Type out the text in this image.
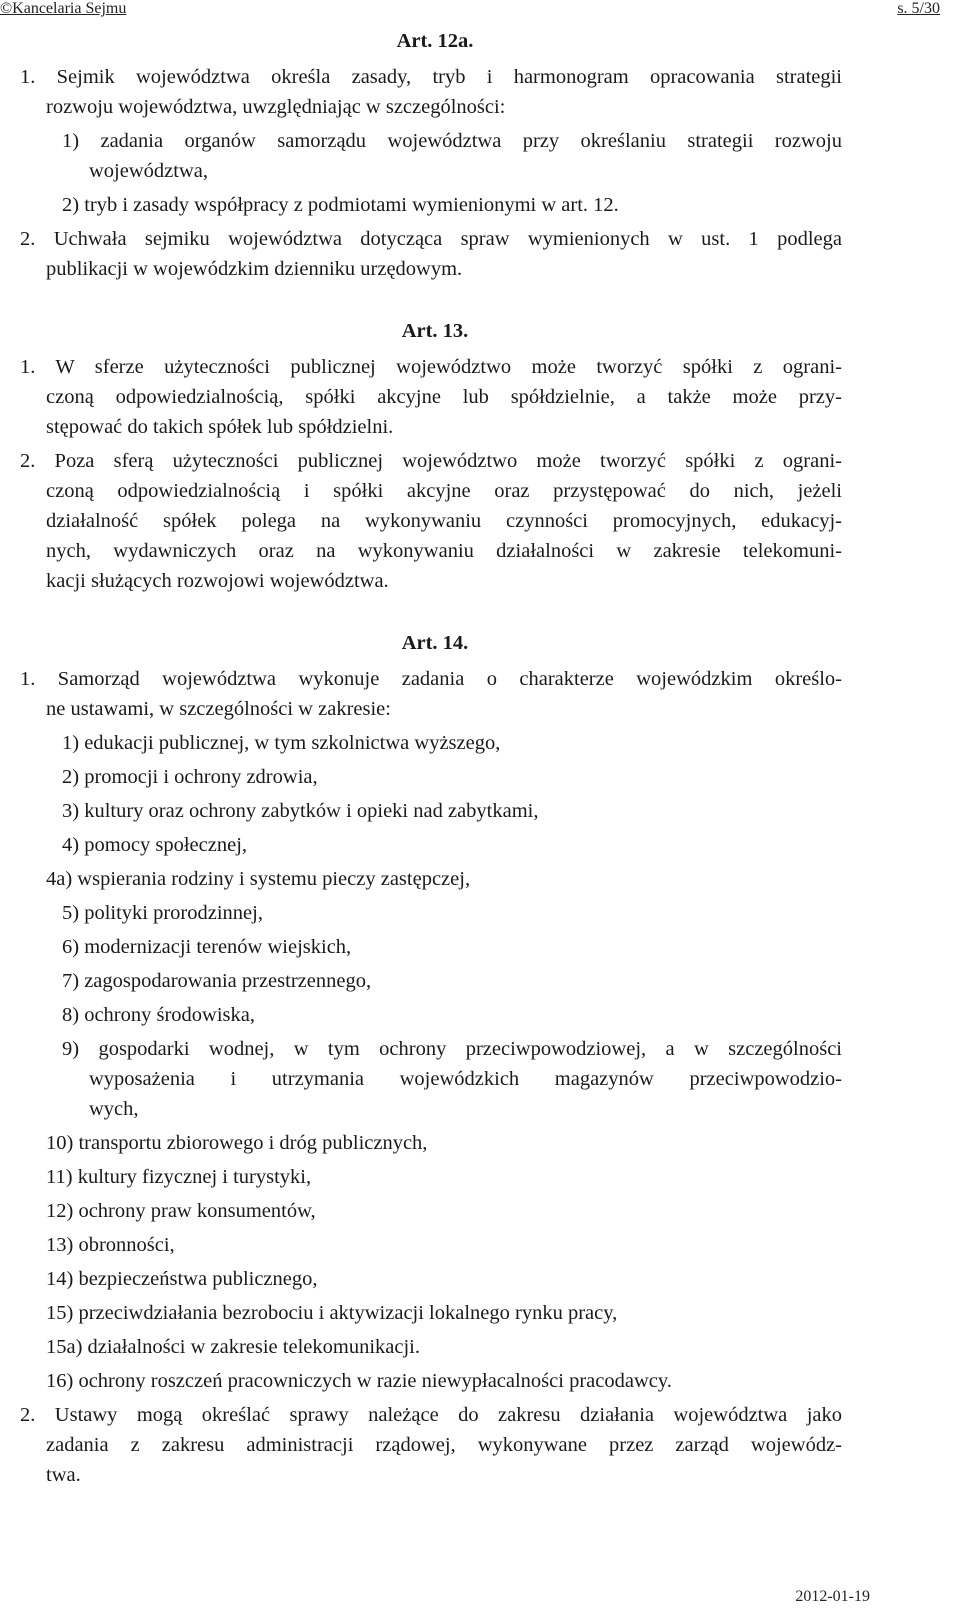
©Kancelaria Sejmu	s. 5/30
Art. 12a.
1. Sejmik województwa określa zasady, tryb i harmonogram opracowania strategii
rozwoju województwa, uwzględniając w szczególności:
1) zadania organów samorządu województwa przy określaniu strategii rozwoju
województwa,
2) tryb i zasady współpracy z podmiotami wymienionymi w art. 12.
2. Uchwała sejmiku województwa dotycząca spraw wymienionych w ust. 1 podlega
publikacji w wojewódzkim dzienniku urzędowym.
Art. 13.
1. W sferze użyteczności publicznej województwo może tworzyć spółki z ograni-
czoną odpowiedzialnością, spółki akcyjne lub spółdzielnie, a także może przy-
stępować do takich spółek lub spółdzielni.
2. Poza sferą użyteczności publicznej województwo może tworzyć spółki z ograni-
czoną odpowiedzialnością i spółki akcyjne oraz przystępować do nich, jeżeli
działalność spółek polega na wykonywaniu czynności promocyjnych, edukacyj-
nych, wydawniczych oraz na wykonywaniu działalności w zakresie telekomuni-
kacji służących rozwojowi województwa.
Art. 14.
1. Samorząd województwa wykonuje zadania o charakterze wojewódzkim określo-
ne ustawami, w szczególności w zakresie:
1) edukacji publicznej, w tym szkolnictwa wyższego,
2) promocji i ochrony zdrowia,
3) kultury oraz ochrony zabytków i opieki nad zabytkami,
4) pomocy społecznej,
4a) wspierania rodziny i systemu pieczy zastępczej,
5) polityki prorodzinnej,
6) modernizacji terenów wiejskich,
7) zagospodarowania przestrzennego,
8) ochrony środowiska,
9) gospodarki wodnej, w tym ochrony przeciwpowodziowej, a w szczególności
wyposażenia i utrzymania wojewódzkich magazynów przeciwpowodzio-
wych,
10) transportu zbiorowego i dróg publicznych,
11) kultury fizycznej i turystyki,
12) ochrony praw konsumentów,
13) obronności,
14) bezpieczeństwa publicznego,
15) przeciwdziałania bezrobociu i aktywizacji lokalnego rynku pracy,
15a) działalności w zakresie telekomunikacji.
16) ochrony roszczeń pracowniczych w razie niewypłacalności pracodawcy.
2. Ustawy mogą określać sprawy należące do zakresu działania województwa jako
zadania z zakresu administracji rządowej, wykonywane przez zarząd wojewódz-
twa.
2012-01-19
